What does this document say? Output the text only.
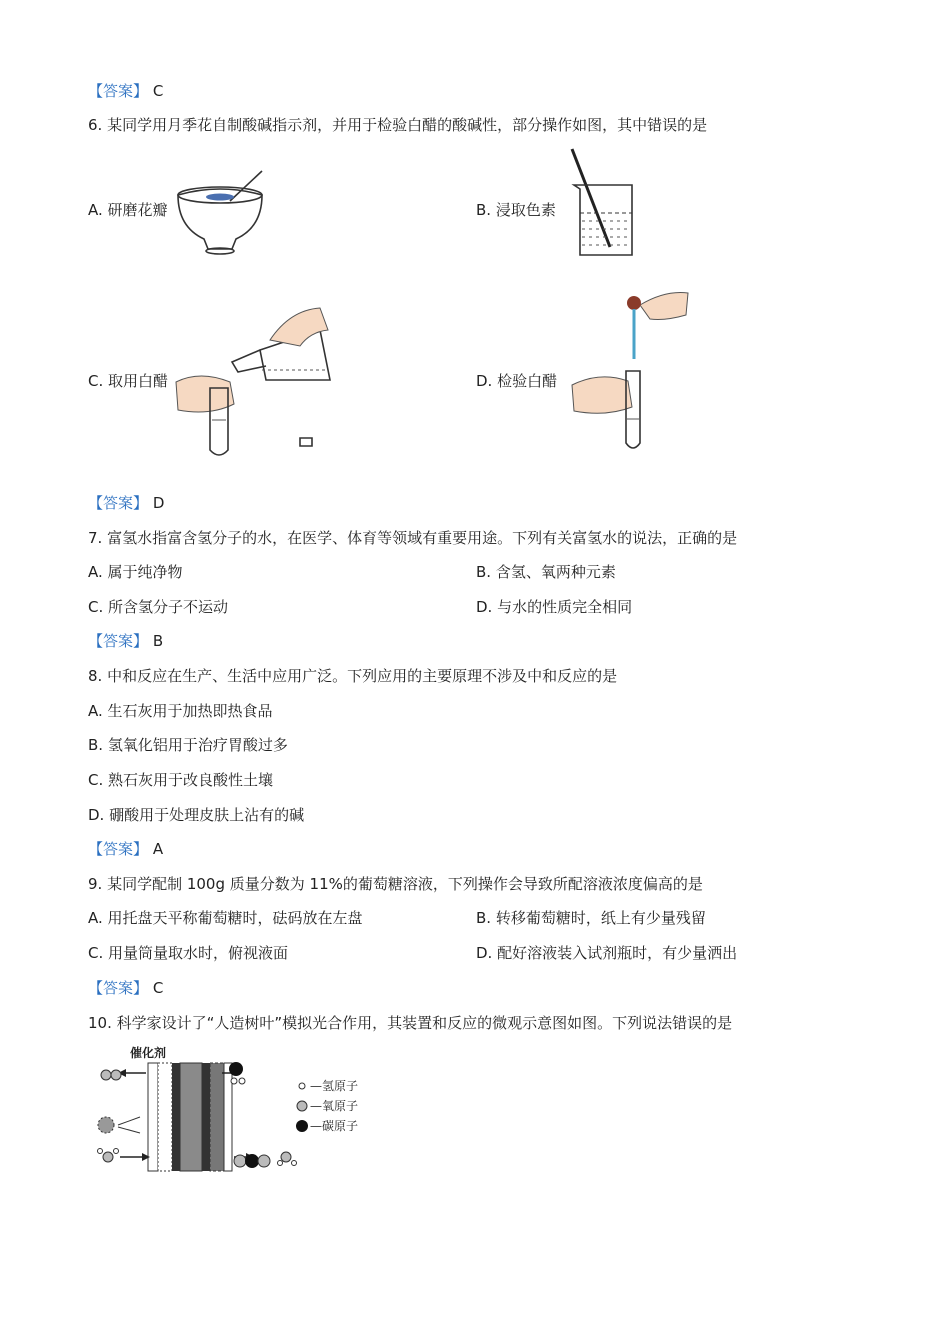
【答案】 C
6. 某同学用月季花自制酸碱指示剂，并用于检验白醋的酸碱性，部分操作如图，其中错误的是
A. 研磨花瓣	B. 浸取色素
C. 取用白醋	D. 检验白醋
【答案】 D
7. 富氢水指富含氢分子的水，在医学、体育等领域有重要用途。下列有关富氢水的说法，正确的是
A. 属于纯净物	B. 含氢、氧两种元素
C. 所含氢分子不运动	D. 与水的性质完全相同
【答案】 B
8. 中和反应在生产、生活中应用广泛。下列应用的主要原理不涉及中和反应的是
A. 生石灰用于加热即热食品
B. 氢氧化铝用于治疗胃酸过多
C. 熟石灰用于改良酸性土壤
D. 硼酸用于处理皮肤上沾有的碱
【答案】 A
9. 某同学配制 100g 质量分数为 11%的葡萄糖溶液，下列操作会导致所配溶液浓度偏高的是
A. 用托盘天平称葡萄糖时，砝码放在左盘	B. 转移葡萄糖时，纸上有少量残留
C. 用量筒量取水时，俯视液面	D. 配好溶液装入试剂瓶时，有少量洒出
【答案】 C
10. 科学家设计了“人造树叶”模拟光合作用，其装置和反应的微观示意图如图。下列说法错误的是
催化剂
—氢原子
—氧原子
—碳原子
